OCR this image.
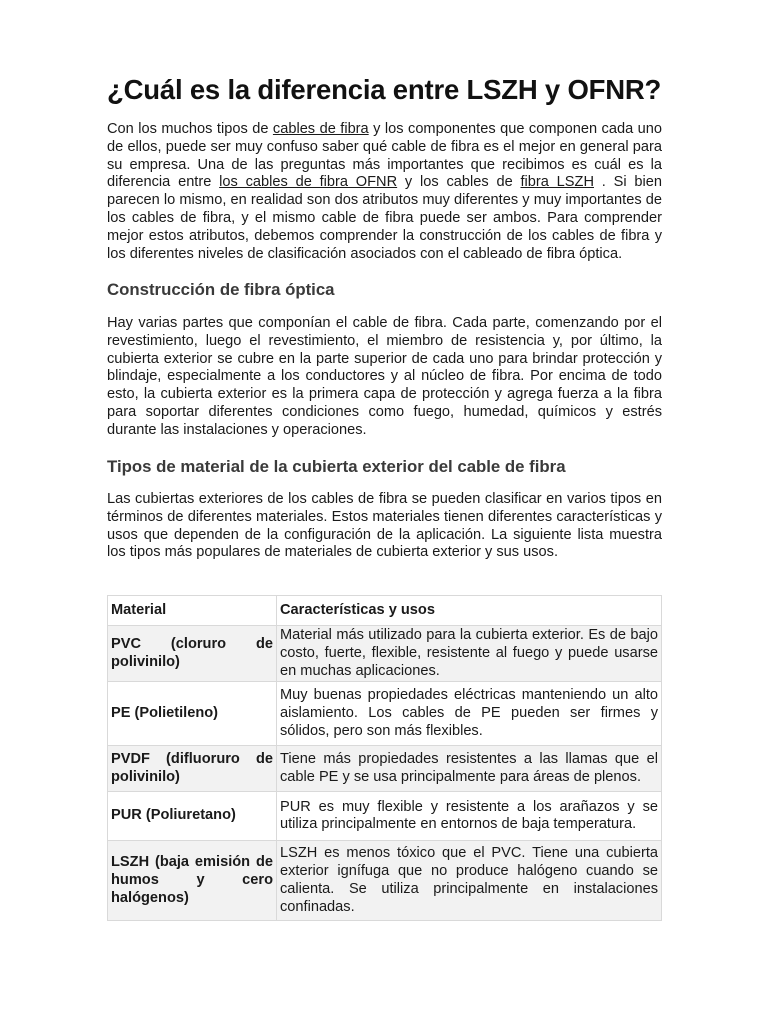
¿Cuál es la diferencia entre LSZH y OFNR?

Con los muchos tipos de cables de fibra y los componentes que componen cada uno de ellos, puede ser muy confuso saber qué cable de fibra es el mejor en general para su empresa. Una de las preguntas más importantes que recibimos es cuál es la diferencia entre los cables de fibra OFNR y los cables de fibra LSZH . Si bien parecen lo mismo, en realidad son dos atributos muy diferentes y muy importantes de los cables de fibra, y el mismo cable de fibra puede ser ambos. Para comprender mejor estos atributos, debemos comprender la construcción de los cables de fibra y los diferentes niveles de clasificación asociados con el cableado de fibra óptica.

Construcción de fibra óptica

Hay varias partes que componían el cable de fibra. Cada parte, comenzando por el revestimiento, luego el revestimiento, el miembro de resistencia y, por último, la cubierta exterior se cubre en la parte superior de cada uno para brindar protección y blindaje, especialmente a los conductores y al núcleo de fibra. Por encima de todo esto, la cubierta exterior es la primera capa de protección y agrega fuerza a la fibra para soportar diferentes condiciones como fuego, humedad, químicos y estrés durante las instalaciones y operaciones.

Tipos de material de la cubierta exterior del cable de fibra

Las cubiertas exteriores de los cables de fibra se pueden clasificar en varios tipos en términos de diferentes materiales. Estos materiales tienen diferentes características y usos que dependen de la configuración de la aplicación. La siguiente lista muestra los tipos más populares de materiales de cubierta exterior y sus usos.

Material	Características y usos
PVC (cloruro de polivinilo)	Material más utilizado para la cubierta exterior. Es de bajo costo, fuerte, flexible, resistente al fuego y puede usarse en muchas aplicaciones.
PE (Polietileno)	Muy buenas propiedades eléctricas manteniendo un alto aislamiento. Los cables de PE pueden ser firmes y sólidos, pero son más flexibles.
PVDF (difluoruro de polivinilo)	Tiene más propiedades resistentes a las llamas que el cable PE y se usa principalmente para áreas de plenos.
PUR (Poliuretano)	PUR es muy flexible y resistente a los arañazos y se utiliza principalmente en entornos de baja temperatura.
LSZH (baja emisión de humos y cero halógenos)	LSZH es menos tóxico que el PVC. Tiene una cubierta exterior ignífuga que no produce halógeno cuando se calienta. Se utiliza principalmente en instalaciones confinadas.
